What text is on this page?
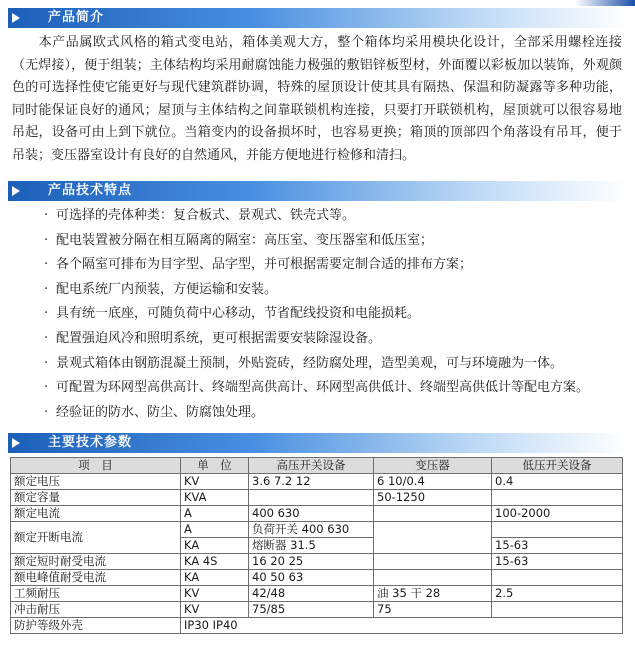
产品简介

本产品属欧式风格的箱式变电站，箱体美观大方，整个箱体均采用模块化设计，全部采用螺栓连接（无焊接），便于组装；主体结构均采用耐腐蚀能力极强的敷铝锌板型材，外面覆以彩板加以装饰，外观颜色的可选择性使它能更好与现代建筑群协调，特殊的屋顶设计使其具有隔热、保温和防凝露等多种功能，同时能保证良好的通风；屋顶与主体结构之间靠联锁机构连接，只要打开联锁机构，屋顶就可以很容易地吊起，设备可由上到下就位。当箱变内的设备损坏时，也容易更换；箱顶的顶部四个角落设有吊耳，便于吊装；变压器室设计有良好的自然通风，并能方便地进行检修和清扫。

产品技术特点
· 可选择的壳体种类：复合板式、景观式、铁壳式等。
· 配电装置被分隔在相互隔离的隔室：高压室、变压器室和低压室；
· 各个隔室可排布为目字型、品字型，并可根据需要定制合适的排布方案；
· 配电系统厂内预装，方便运输和安装。
· 具有统一底座，可随负荷中心移动，节省配线投资和电能损耗。
· 配置强迫风冷和照明系统，更可根据需要安装除湿设备。
· 景观式箱体由钢筋混凝土预制，外贴瓷砖，经防腐处理，造型美观，可与环境融为一体。
· 可配置为环网型高供高计、终端型高供高计、环网型高供低计、终端型高供低计等配电方案。
· 经验证的防水、防尘、防腐蚀处理。
主要技术参数
项　目	单　位	高压开关设备	变压器	低压开关设备
额定电压	KV	3.6 7.2 12	6 10/0.4	0.4
额定容量	KVA		50-1250	
额定电流	A	400 630		100-2000
额定开断电流	A	负荷开关 400 630		
	KA	熔断器 31.5		15-63
额定短时耐受电流	KA 4S	16 20 25		15-63
额电峰值耐受电流	KA	40 50 63		
工频耐压	KV	42/48	油 35 干 28	2.5
冲击耐压	KV	75/85	75	
防护等级外壳	IP30 IP40			
